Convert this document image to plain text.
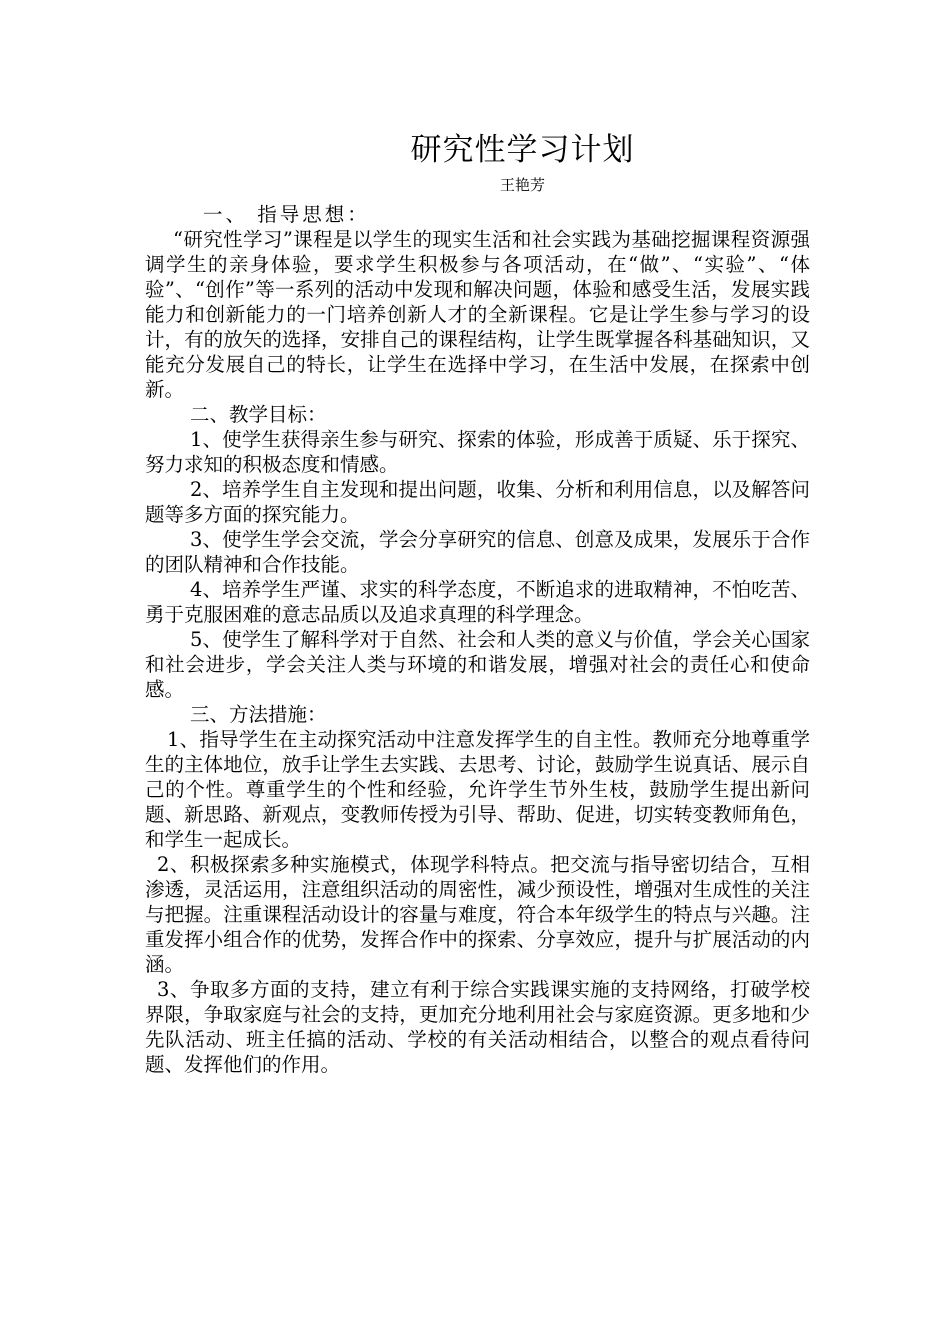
研究性学习计划
王艳芳
一、 指导思想：

“研究性学习”课程是以学生的现实生活和社会实践为基础挖掘课程资源强调学生的亲身体验，要求学生积极参与各项活动，在“做”、“实验”、“体验”、“创作”等一系列的活动中发现和解决问题，体验和感受生活，发展实践能力和创新能力的一门培养创新人才的全新课程。它是让学生参与学习的设计，有的放矢的选择，安排自己的课程结构，让学生既掌握各科基础知识，又能充分发展自己的特长，让学生在选择中学习，在生活中发展，在探索中创新。

二、教学目标：

1、使学生获得亲生参与研究、探索的体验，形成善于质疑、乐于探究、努力求知的积极态度和情感。

2、培养学生自主发现和提出问题，收集、分析和利用信息，以及解答问题等多方面的探究能力。

3、使学生学会交流，学会分享研究的信息、创意及成果，发展乐于合作的团队精神和合作技能。

4、培养学生严谨、求实的科学态度，不断追求的进取精神，不怕吃苦、勇于克服困难的意志品质以及追求真理的科学理念。

5、使学生了解科学对于自然、社会和人类的意义与价值，学会关心国家和社会进步，学会关注人类与环境的和谐发展，增强对社会的责任心和使命感。

三、方法措施：

1、指导学生在主动探究活动中注意发挥学生的自主性。教师充分地尊重学生的主体地位，放手让学生去实践、去思考、讨论，鼓励学生说真话、展示自己的个性。尊重学生的个性和经验，允许学生节外生枝，鼓励学生提出新问题、新思路、新观点，变教师传授为引导、帮助、促进，切实转变教师角色，和学生一起成长。

2、积极探索多种实施模式，体现学科特点。把交流与指导密切结合，互相渗透，灵活运用，注意组织活动的周密性，减少预设性，增强对生成性的关注与把握。注重课程活动设计的容量与难度，符合本年级学生的特点与兴趣。注重发挥小组合作的优势，发挥合作中的探索、分享效应，提升与扩展活动的内涵。

3、争取多方面的支持，建立有利于综合实践课实施的支持网络，打破学校界限，争取家庭与社会的支持，更加充分地利用社会与家庭资源。更多地和少先队活动、班主任搞的活动、学校的有关活动相结合，以整合的观点看待问题、发挥他们的作用。
